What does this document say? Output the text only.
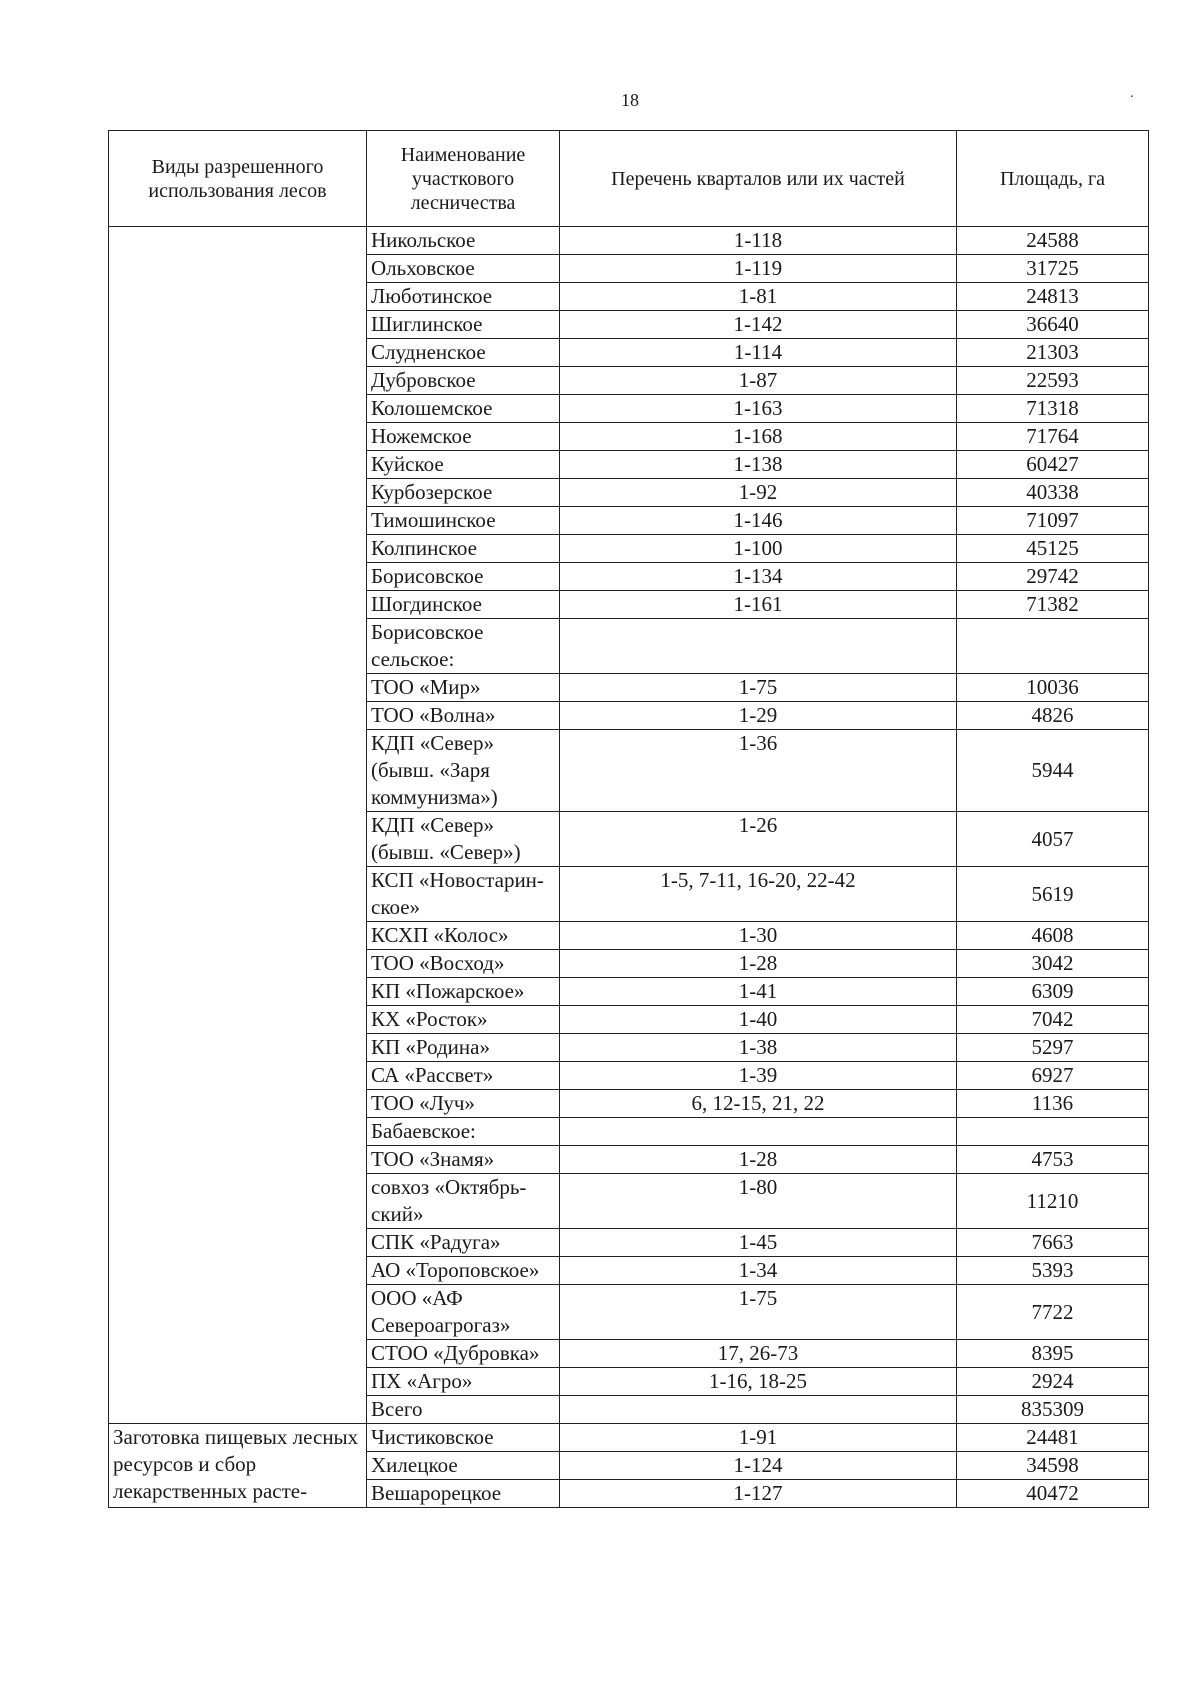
18	.
Виды разрешенного использования лесов	Наименование участкового лесничества	Перечень кварталов или их частей	Площадь, га
	Никольское	1-118	24588
	Ольховское	1-119	31725
	Люботинское	1-81	24813
	Шиглинское	1-142	36640
	Слудненское	1-114	21303
	Дубровское	1-87	22593
	Колошемское	1-163	71318
	Ножемское	1-168	71764
	Куйское	1-138	60427
	Курбозерское	1-92	40338
	Тимошинское	1-146	71097
	Колпинское	1-100	45125
	Борисовское	1-134	29742
	Шогдинское	1-161	71382
	Борисовское сельское:		
	ТОО «Мир»	1-75	10036
	ТОО «Волна»	1-29	4826
	КДП «Север» (бывш. «Заря коммунизма»)	1-36	5944
	КДП «Север» (бывш. «Север»)	1-26	4057
	КСП «Новостарин-ское»	1-5, 7-11, 16-20, 22-42	5619
	КСХП «Колос»	1-30	4608
	ТОО «Восход»	1-28	3042
	КП «Пожарское»	1-41	6309
	КХ «Росток»	1-40	7042
	КП «Родина»	1-38	5297
	СА «Рассвет»	1-39	6927
	ТОО «Луч»	6, 12-15, 21, 22	1136
	Бабаевское:		
	ТОО «Знамя»	1-28	4753
	совхоз «Октябрь-ский»	1-80	11210
	СПК «Радуга»	1-45	7663
	АО «Тороповское»	1-34	5393
	ООО «АФ Североагрогаз»	1-75	7722
	СТОО «Дубровка»	17, 26-73	8395
	ПХ «Агро»	1-16, 18-25	2924
	Всего		835309
Заготовка пищевых лесных ресурсов и сбор лекарственных расте-	Чистиковское	1-91	24481
	Хилецкое	1-124	34598
	Вешарорецкое	1-127	40472
